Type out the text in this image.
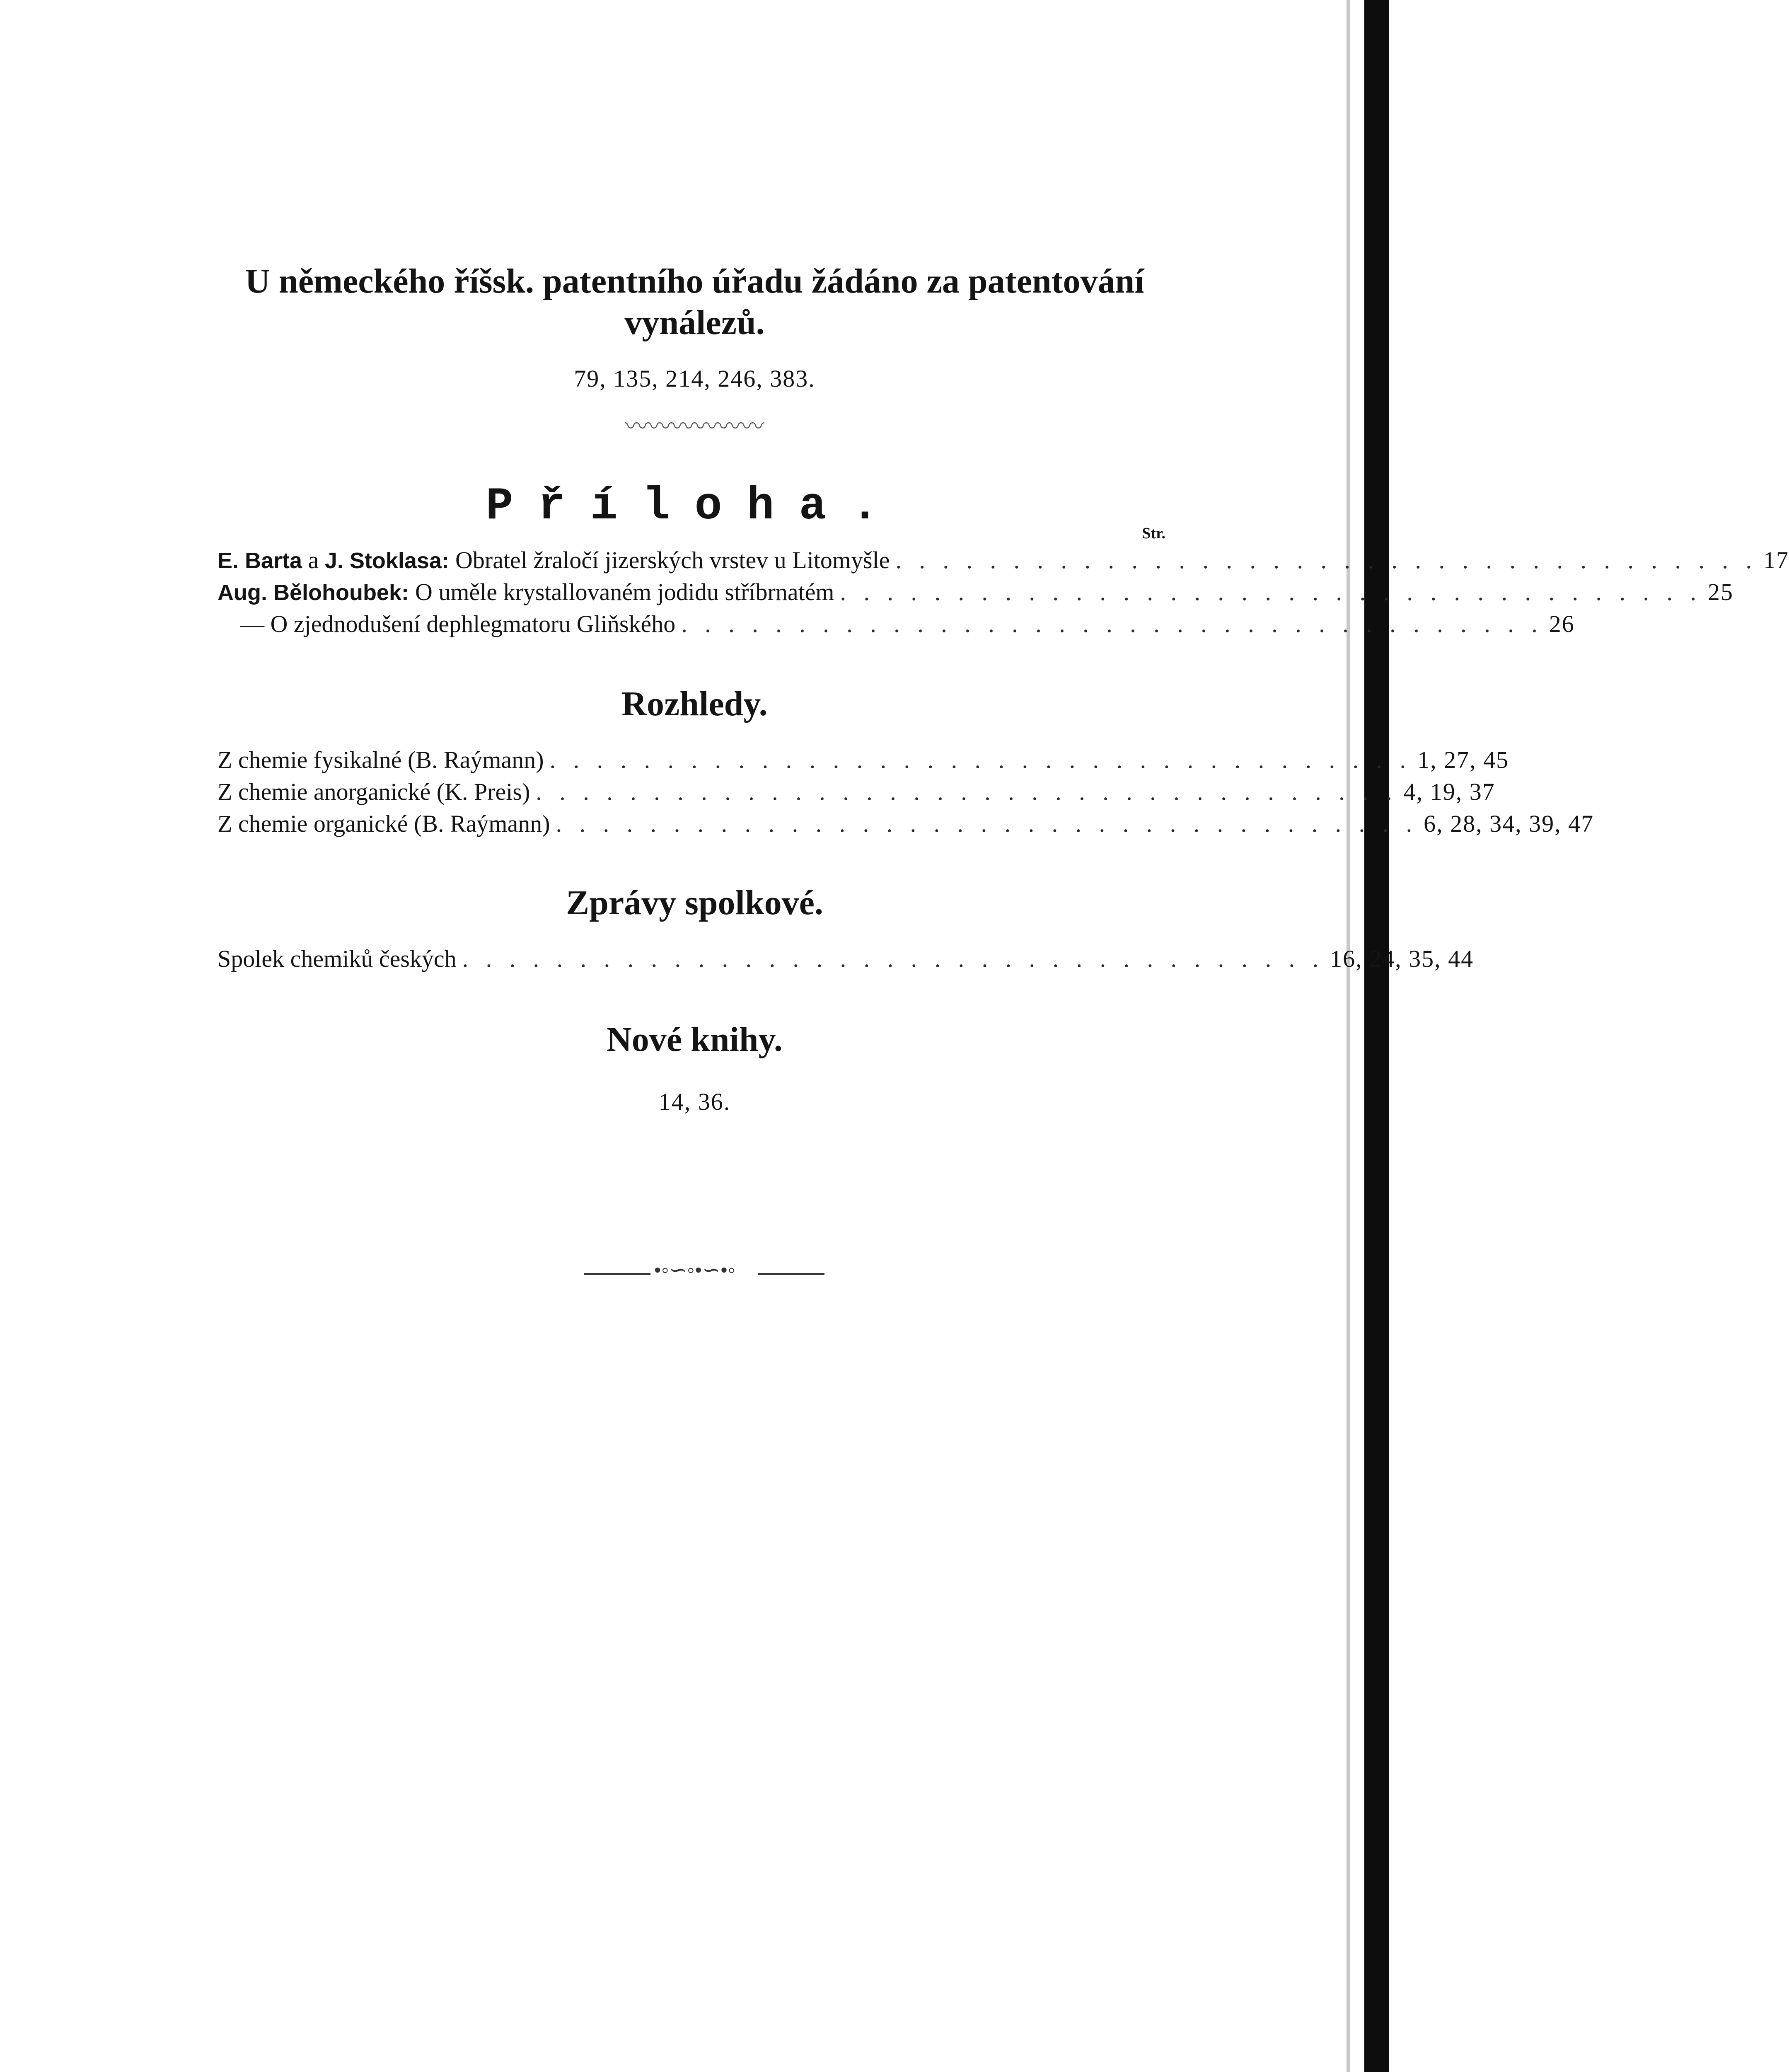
U německého říšsk. patentního úřadu žádáno za patentování
vynálezů.
79, 135, 214, 246, 383.
〰〰〰〰〰〰
Příloha.
Str.
E. Barta a J. Stoklasa: Obratel žraločí jizerských vrstev u Litomyšle . . . . . . . . . . . . . . . . . . . . . . . . . . . . . . . . . . . . . 17
Aug. Bělohoubek: O uměle krystallovaném jodidu stříbrnatém . . . . . . . . . . . . . . . . . . . . . . . . . . . . . . . . . . . . . 25
— O zjednodušení dephlegmatoru Gliňského . . . . . . . . . . . . . . . . . . . . . . . . . . . . . . . . . . . . . 26
Rozhledy.
Z chemie fysikalné (B. Raýmann) . . . . . . . . . . . . . . . . . . . . . . . . . . . . . . . . . . . . . 1, 27, 45
Z chemie anorganické (K. Preis) . . . . . . . . . . . . . . . . . . . . . . . . . . . . . . . . . . . . . 4, 19, 37
Z chemie organické (B. Raýmann) . . . . . . . . . . . . . . . . . . . . . . . . . . . . . . . . . . . . . 6, 28, 34, 39, 47
Zprávy spolkové.
Spolek chemiků českých . . . . . . . . . . . . . . . . . . . . . . . . . . . . . . . . . . . . . 16, 24, 35, 44
Nové knihy.
14, 36.
•◦∽◦•∽•◦
